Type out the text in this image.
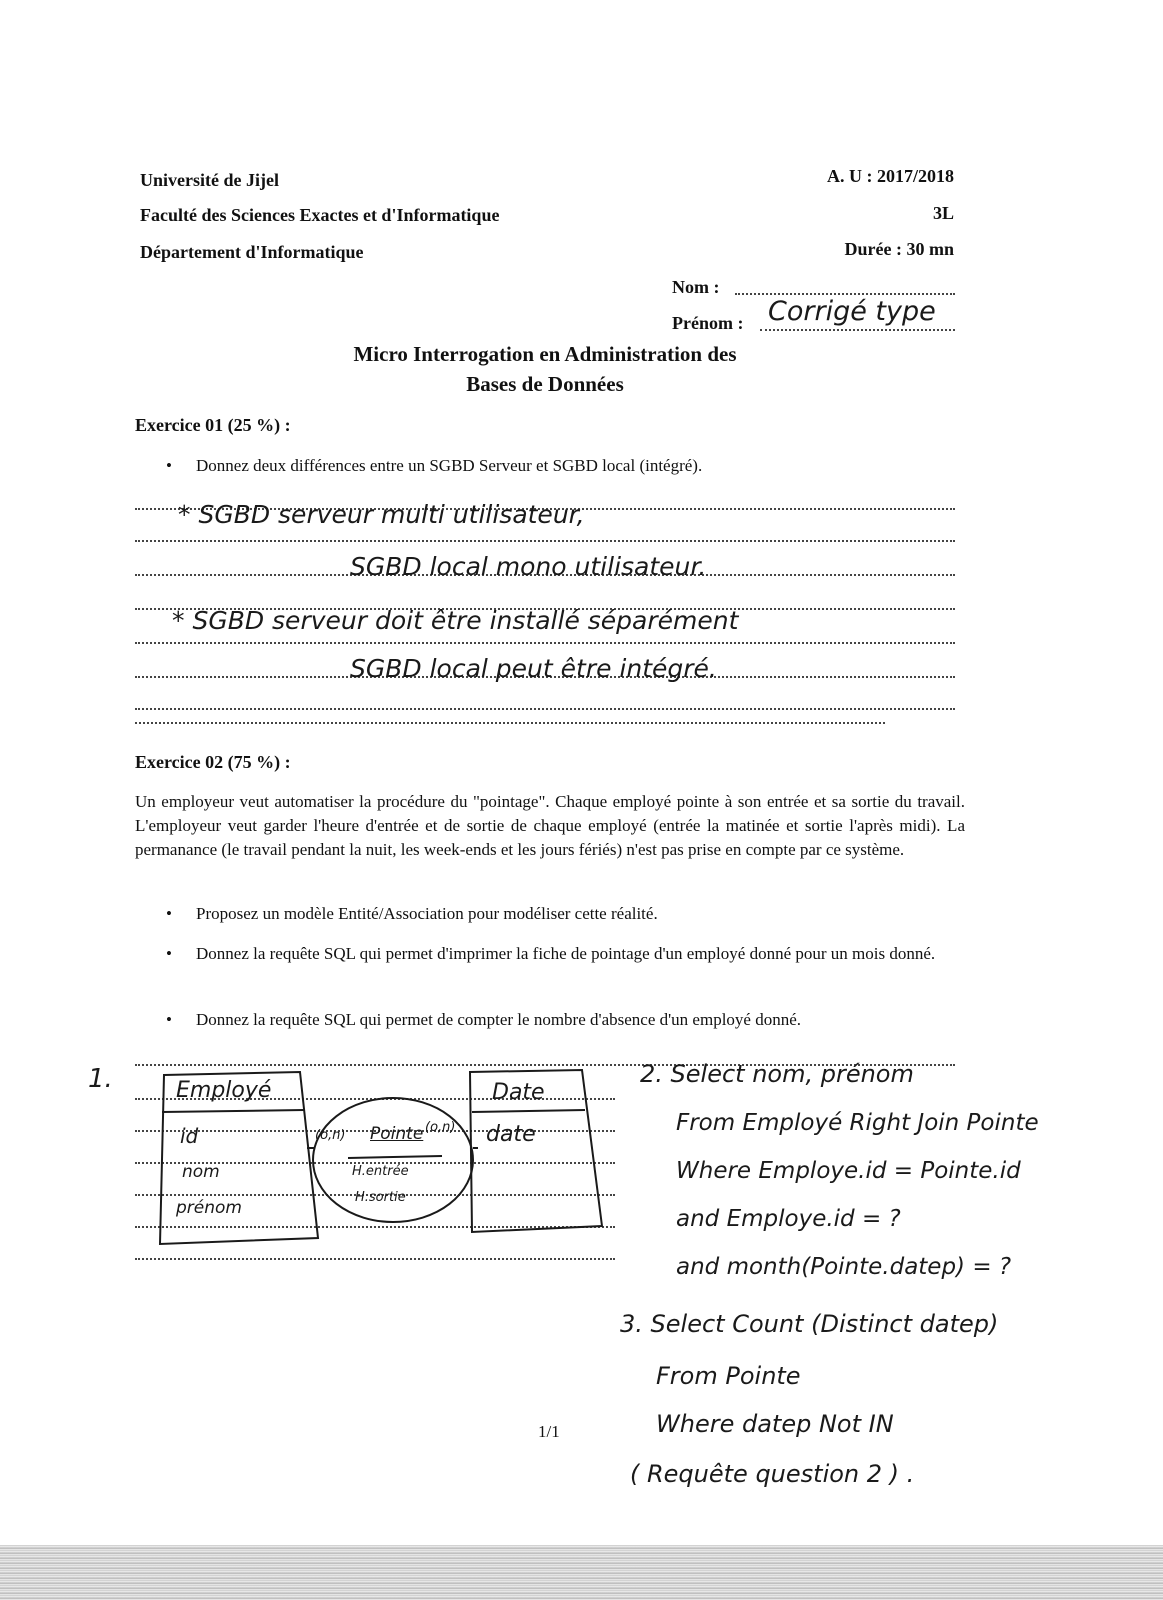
Université de Jijel
Faculté des Sciences Exactes et d'Informatique
Département d'Informatique
A. U : 2017/2018
3L
Durée : 30 mn
Nom :
Prénom : Corrigé type
Micro Interrogation en Administration des
Bases de Données
Exercice 01 (25 %) :
• Donnez deux différences entre un SGBD Serveur et SGBD local (intégré).
* SGBD serveur multi utilisateur,
SGBD local mono utilisateur.
* SGBD serveur doit être installé séparément
SGBD local peut être intégré.
Exercice 02 (75 %) :
Un employeur veut automatiser la procédure du "pointage". Chaque employé pointe à son entrée et sa sortie du travail. L'employeur veut garder l'heure d'entrée et de sortie de chaque employé (entrée la matinée et sortie l'après midi). La permanance (le travail pendant la nuit, les week-ends et les jours fériés) n'est pas prise en compte par ce système.
• Proposez un modèle Entité/Association pour modéliser cette réalité.
• Donnez la requête SQL qui permet d'imprimer la fiche de pointage d'un employé donné pour un mois donné.
• Donnez la requête SQL qui permet de compter le nombre d'absence d'un employé donné.
1.	Employé
id
nom
prénom
(o,n) Pointe (o,n)
H.entrée
H.sortie
Date
date
2. Select nom, prénom
From Employé Right Join Pointe
Where Employe.id = Pointe.id
and Employe.id = ?
and month(Pointe.datep) = ?
3. Select Count (Distinct datep)
From Pointe
Where datep Not IN
( Requête question 2 ) .
1/1
